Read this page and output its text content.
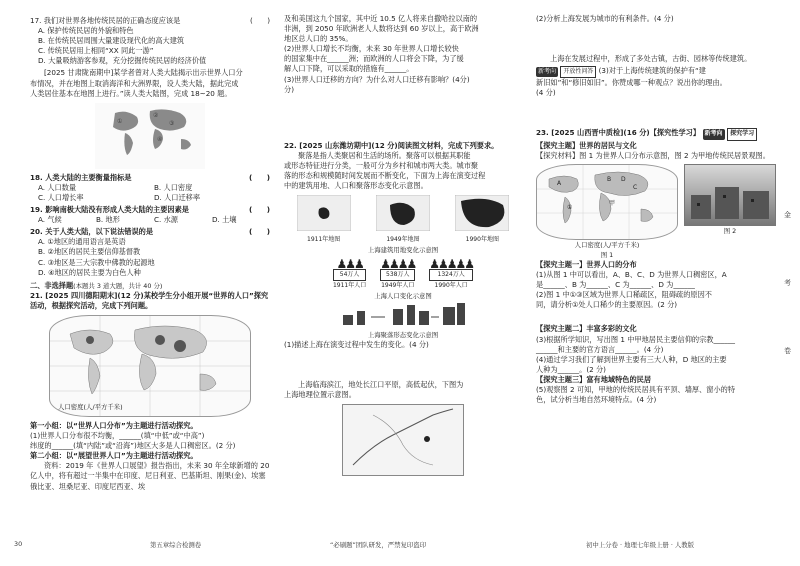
17. 我们对世界各地传统民居的正确态度应该是	(　　)

A. 保护传统民居的外貌和特色

B. 在传统民居周围大量建设现代化的高大建筑

C. 传统民居用上相同“XX 同此一游”

D. 大量吸纳游客参观，充分挖掘传统民居的经济价值

[2025 甘肃陇南期中]某学者曾对人类大陆揭示出示世界人口分

布情况，并在地图上取消海洋和大洲界限，设人类大陆，据此完成

人类居住基本在地图上进行。”读人类大陆图，完成 18~20 题。

①
②
③
④

18. 人类大陆的主要衡量指标是	(　　)

A. 人口数量	B. 人口密度
C. 人口增长率	D. 人口迁移率

19. 影响南极大陆没有形成人类大陆的主要因素是	(　　)

A. 气候	B. 地形	C. 水源	D. 土壤

20. 关于人类大陆，以下说法错误的是	(　　)

A. ①地区的通用语言是英语

B. ②地区的居民主要信仰基督教

C. ③地区是三大宗教中佛教的起源地

D. ④地区的居民主要为白色人种

二、非选择题(本题共 3 道大题，共计 40 分)

21. [2025 四川德阳期末](12 分)某校学生分小组开展“世界的人口”探究活动，根据探究活动，完成下列问题。

人口密度(人/平方千米)

第一小组：以“世界人口分布”为主题进行活动探究。

(1)世界人口分布很不均衡，______(填“中低”或“中高”)

纬度的______(填“内陆”或“沿海”)地区大多是人口稠密区。(2 分)

第二小组：以“展望世界人口”为主题进行活动探究。

资料：2019 年《世界人口展望》报告指出，未来 30 年全球新增的 20 亿人中，将有超过一半集中在印度、尼日利亚、巴基斯坦、刚果(金)、埃塞俄比亚、坦桑尼亚、印度尼西亚、埃

及和美国这九个国家，其中近 10.5 亿人将来自撒哈拉以南的

非洲，到 2050 年欧洲老人人数将达到 60 岁以上，高于欧洲

地区总人口的 35%。

(2)世界人口增长不均衡，未来 30 年世界人口增长较快

的国家集中在______洲；而欧洲的人口将会下降，为了缓

解人口下降，可以采取的措施有______。

(3)世界人口迁移的方向？为什么对人口迁移有影响？(4分)

分)

22. [2025 山东潍坊期中](12 分)阅读图文材料，完成下列要求。

聚落是指人类聚居和生活的场所。聚落可以根据其职能

或形态特征进行分类，一般可分为乡村和城市两大类。城市聚

落的形态和规模随时间发展而不断变化，下面为上海在演变过程

中的建筑用地、人口和聚落形态变化示意图。

1911年地图	1949年地图	1990年地图

上海建筑用地变化示意图

♟♟♟
54万人
1911年人口
♟♟♟♟
538万人
1949年人口
♟♟♟♟♟
1324万人
1990年人口

上海人口变化示意图

上海聚落形态变化示意图

(1)描述上海在演变过程中发生的变化。(4 分)

上海临海滨江，地处长江口平原，高低起伏，下图为

上海地理位置示意图。

(2)分析上海发展为城市的有利条件。(4 分)

上海在发展过程中，形成了多处古镇，古街、园林等传统建筑。

新考向 开放性问答 (3)对于上海传统建筑的保护有“建

新旧如”和“修旧如旧”。你赞成哪一种观点？说出你的理由。

(4 分)

23. [2025 山西晋中质检](16 分)【探究性学习】 新考向 探究学习

【探究主题】世界的居民与文化

【探究材料】图 1 为世界人口分布示意图，图 2 为甲地传统民居景观图。

A
B
C
D
甲
①
人口密度(人/平方千米)
图 1
图 2

【探究主题一】世界人口的分布

(1)从图 1 中可以看出，A、B、C、D 为世界人口稠密区，A

是______、B 为______、C 为______、D 为______

(2)图 1 中①③区域为世界人口稀疏区，阻碍疏的原因不

同，请分析①处人口稀少的主要原因。(2 分)

【探究主题二】丰富多彩的文化

(3)根据所学知识，写出图 1 中甲地居民主要信仰的宗教______

______和主要的官方语言______。(4 分)

(4)通过学习我们了解到世界主要有三大人种，D 地区的主要

人种为______。(2 分)

【探究主题三】富有地域特色的民居

(5)观察图 2 可知，甲地的传统民居具有平顶、墙厚、窗小的特

色，试分析当地自然环境特点。(4 分)

金
考
卷
30	第五章综合检测卷	“必刷题”团队研发，严禁复印盗印	初中上分卷 · 地理七年级上册 · 人教版
